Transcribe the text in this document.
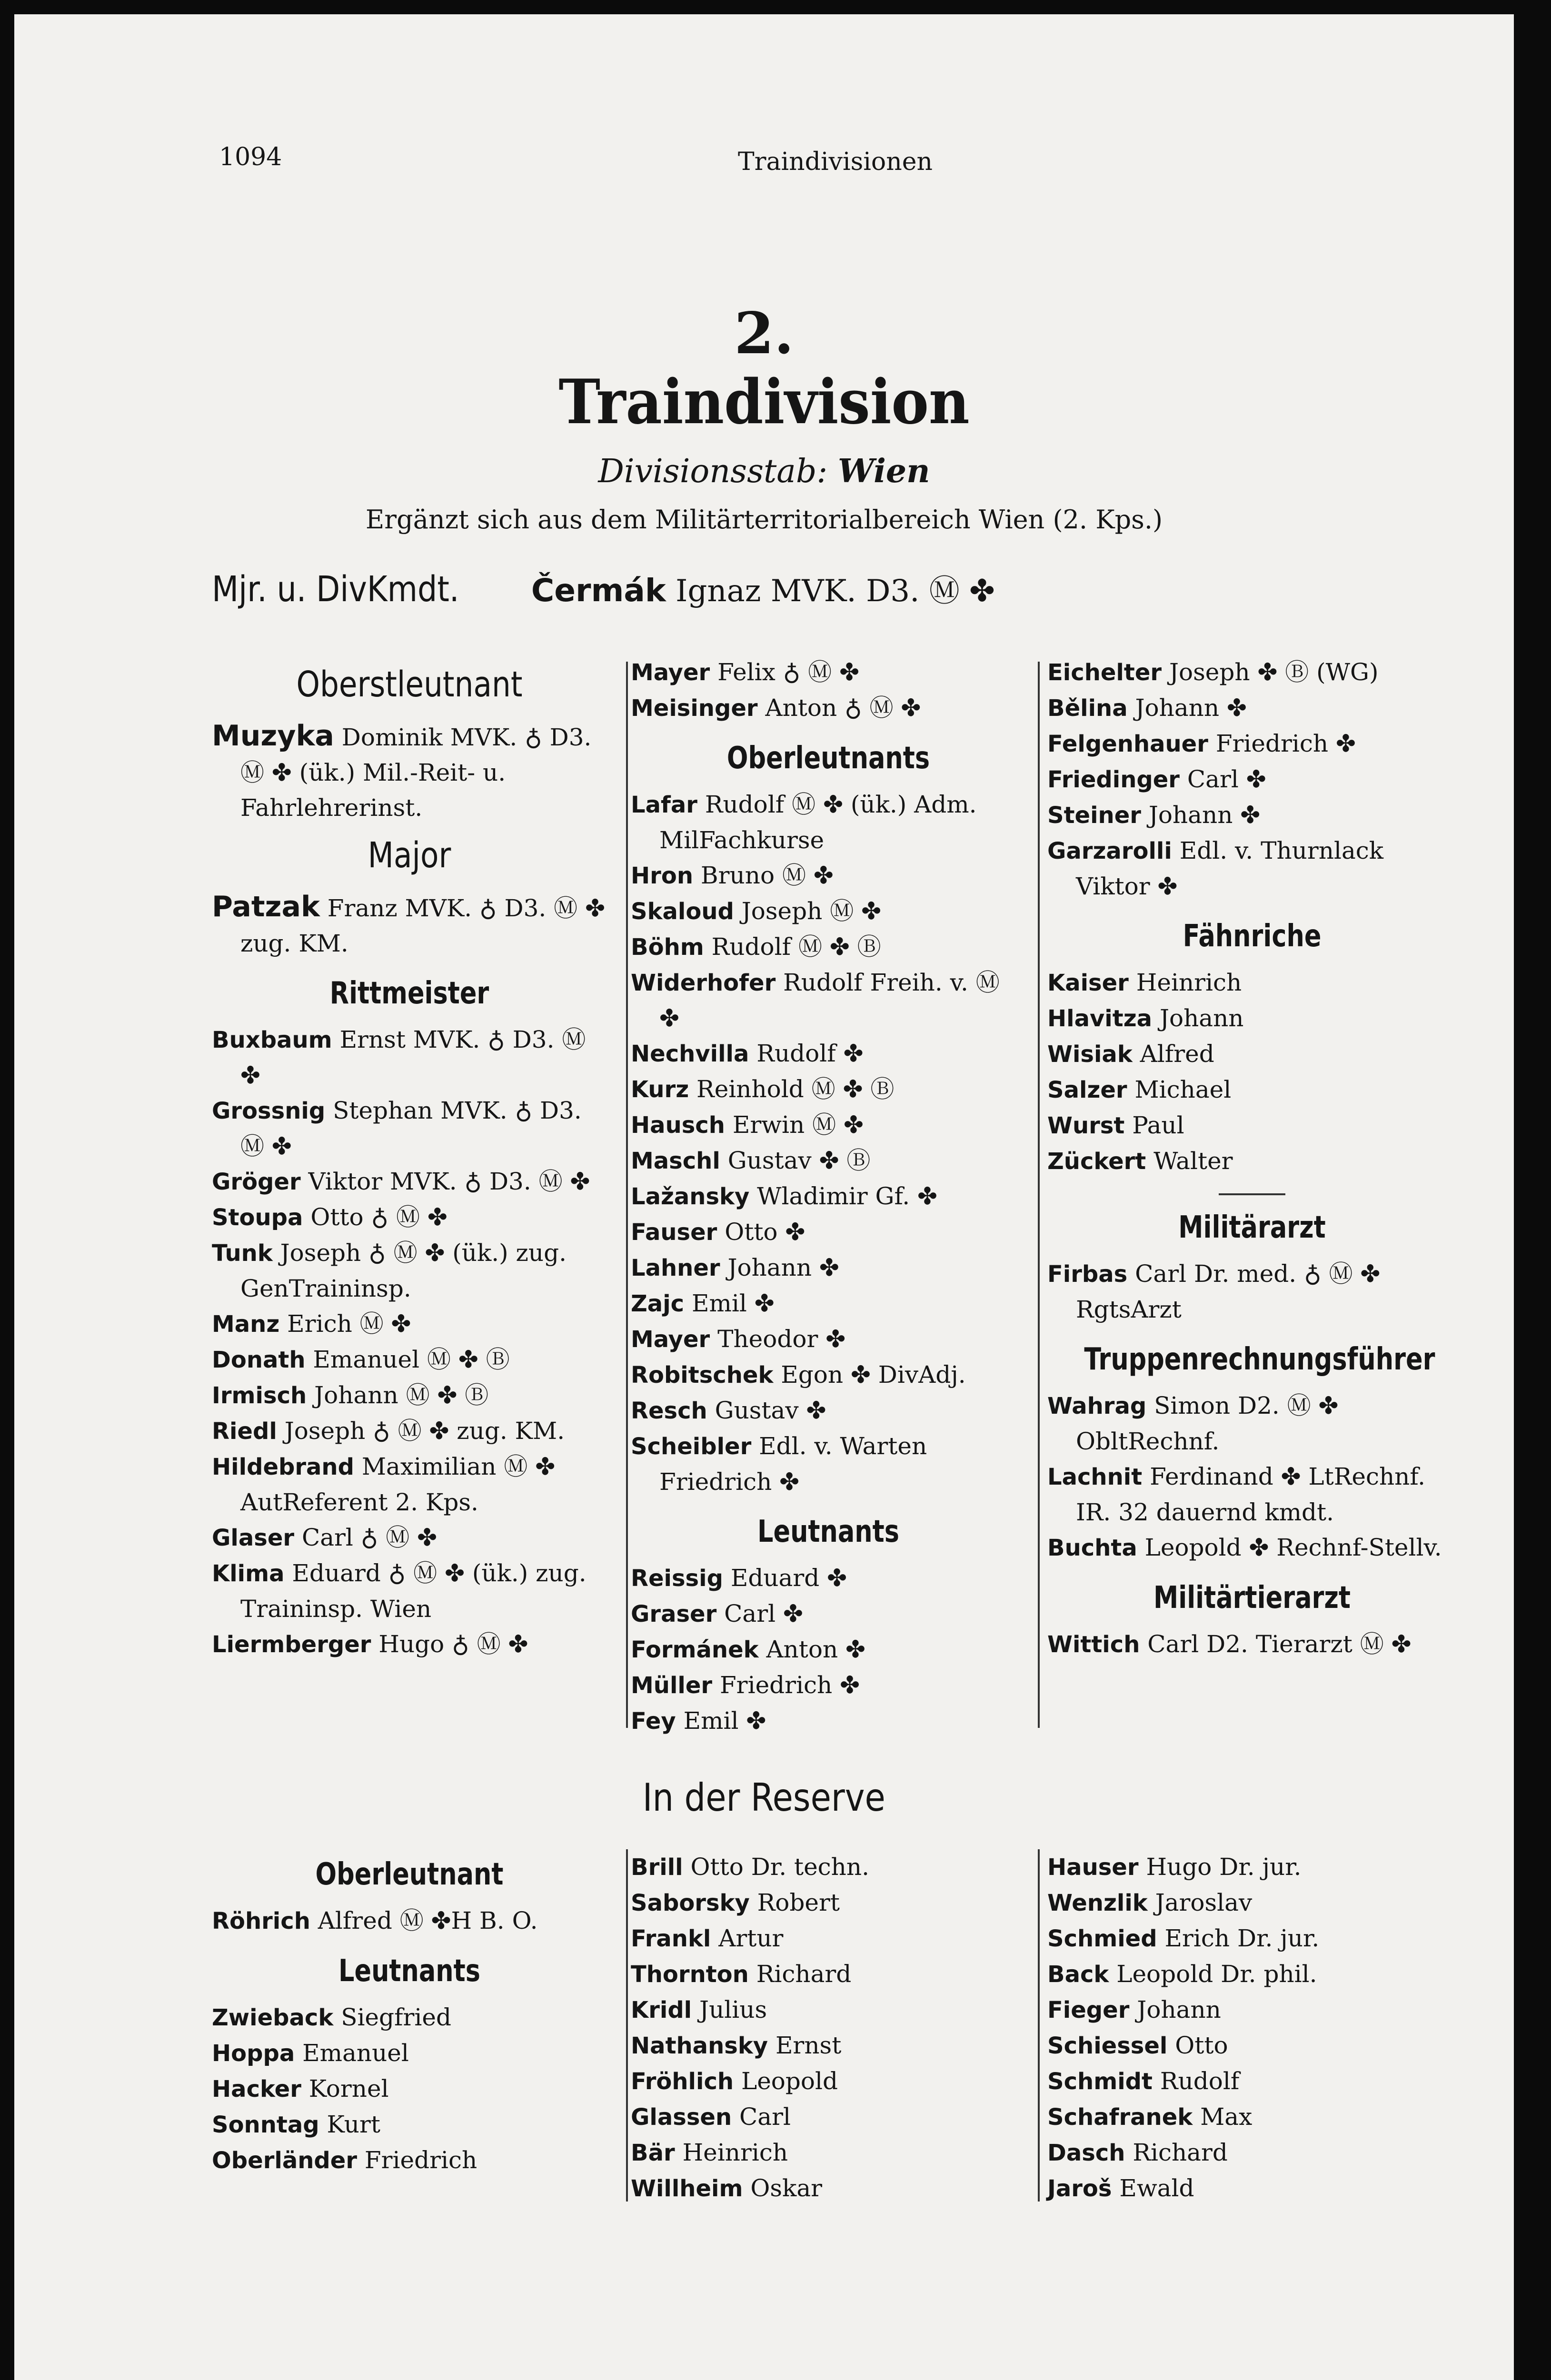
1094	Traindivisionen
2.
Traindivision
Divisionsstab: Wien
Ergänzt sich aus dem Militärterritorialbereich Wien (2. Kps.)
Mjr. u. DivKmdt. Čermák Ignaz MVK. D3. Ⓜ ✤
Oberstleutnant
Muzyka Dominik MVK. ♁ D3. Ⓜ ✤ (ük.) Mil.-Reit- u. Fahrlehrerinst.
Major
Patzak Franz MVK. ♁ D3. Ⓜ ✤ zug. KM.
Rittmeister
Buxbaum Ernst MVK. ♁ D3. Ⓜ ✤
Grossnig Stephan MVK. ♁ D3. Ⓜ ✤
Gröger Viktor MVK. ♁ D3. Ⓜ ✤
Stoupa Otto ♁ Ⓜ ✤
Tunk Joseph ♁ Ⓜ ✤ (ük.) zug. GenTraininsp.
Manz Erich Ⓜ ✤
Donath Emanuel Ⓜ ✤ Ⓑ
Irmisch Johann Ⓜ ✤ Ⓑ
Riedl Joseph ♁ Ⓜ ✤ zug. KM.
Hildebrand Maximilian Ⓜ ✤ AutReferent 2. Kps.
Glaser Carl ♁ Ⓜ ✤
Klima Eduard ♁ Ⓜ ✤ (ük.) zug. Traininsp. Wien
Liermberger Hugo ♁ Ⓜ ✤
Mayer Felix ♁ Ⓜ ✤
Meisinger Anton ♁ Ⓜ ✤
Oberleutnants
Lafar Rudolf Ⓜ ✤ (ük.) Adm. MilFachkurse
Hron Bruno Ⓜ ✤
Skaloud Joseph Ⓜ ✤
Böhm Rudolf Ⓜ ✤ Ⓑ
Widerhofer Rudolf Freih. v. Ⓜ ✤
Nechvilla Rudolf ✤
Kurz Reinhold Ⓜ ✤ Ⓑ
Hausch Erwin Ⓜ ✤
Maschl Gustav ✤ Ⓑ
Lažansky Wladimir Gf. ✤
Fauser Otto ✤
Lahner Johann ✤
Zajc Emil ✤
Mayer Theodor ✤
Robitschek Egon ✤ DivAdj.
Resch Gustav ✤
Scheibler Edl. v. Warten Friedrich ✤
Leutnants
Reissig Eduard ✤
Graser Carl ✤
Formánek Anton ✤
Müller Friedrich ✤
Fey Emil ✤
Eichelter Joseph ✤ Ⓑ (WG)
Bělina Johann ✤
Felgenhauer Friedrich ✤
Friedinger Carl ✤
Steiner Johann ✤
Garzarolli Edl. v. Thurnlack Viktor ✤
Fähnriche
Kaiser Heinrich
Hlavitza Johann
Wisiak Alfred
Salzer Michael
Wurst Paul
Zückert Walter
Militärarzt
Firbas Carl Dr. med. ♁ Ⓜ ✤ RgtsArzt
Truppenrechnungsführer
Wahrag Simon D2. Ⓜ ✤ ObltRechnf.
Lachnit Ferdinand ✤ LtRechnf. IR. 32 dauernd kmdt.
Buchta Leopold ✤ Rechnf-Stellv.
Militärtierarzt
Wittich Carl D2. Tierarzt Ⓜ ✤
In der Reserve
Oberleutnant
Röhrich Alfred Ⓜ ✤H B. O.
Leutnants
Zwieback Siegfried
Hoppa Emanuel
Hacker Kornel
Sonntag Kurt
Oberländer Friedrich
Brill Otto Dr. techn.
Saborsky Robert
Frankl Artur
Thornton Richard
Kridl Julius
Nathansky Ernst
Fröhlich Leopold
Glassen Carl
Bär Heinrich
Willheim Oskar
Hauser Hugo Dr. jur.
Wenzlik Jaroslav
Schmied Erich Dr. jur.
Back Leopold Dr. phil.
Fieger Johann
Schiessel Otto
Schmidt Rudolf
Schafranek Max
Dasch Richard
Jaroš Ewald
